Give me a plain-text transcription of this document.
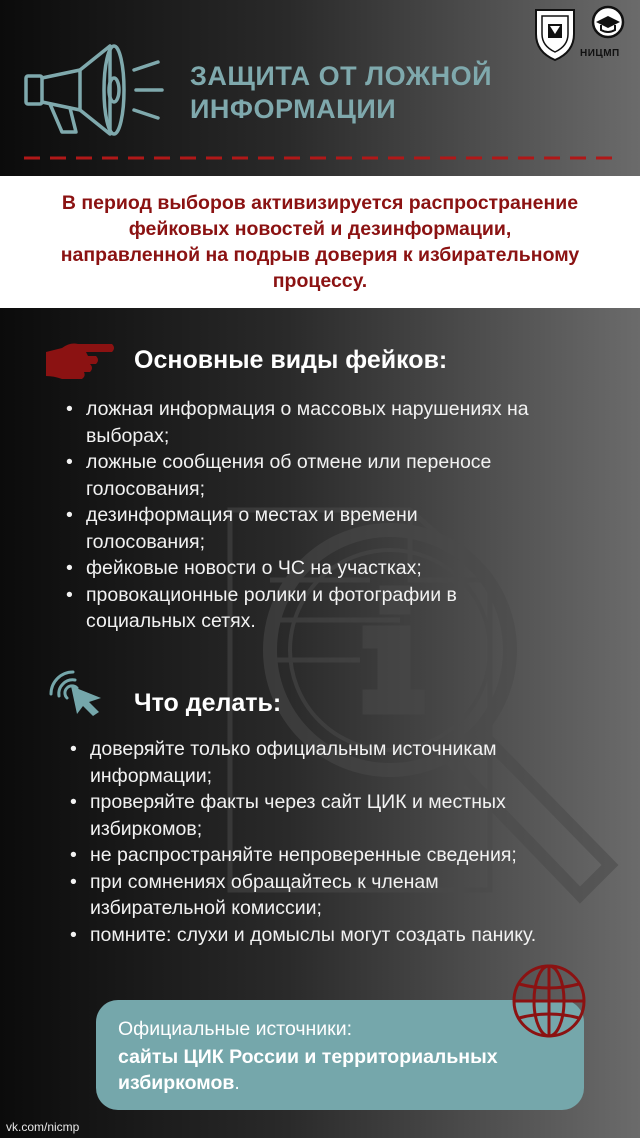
ЗАЩИТА ОТ ЛОЖНОЙ
ИНФОРМАЦИИ
НИЦМП
В период выборов активизируется распространение фейковых новостей и дезинформации, направленной на подрыв доверия к избирательному процессу.
Основные виды фейков:
• ложная информация о массовых нарушениях на выборах;
• ложные сообщения об отмене или переносе голосования;
• дезинформация о местах и времени голосования;
• фейковые новости о ЧС на участках;
• провокационные ролики и фотографии в социальных сетях.
Что делать:
• доверяйте только официальным источникам информации;
• проверяйте факты через сайт ЦИК и местных избиркомов;
• не распространяйте непроверенные сведения;
• при сомнениях обращайтесь к членам избирательной комиссии;
• помните: слухи и домыслы могут создать панику.
Официальные источники:
сайты ЦИК России и территориальных избиркомов.
vk.com/nicmp
